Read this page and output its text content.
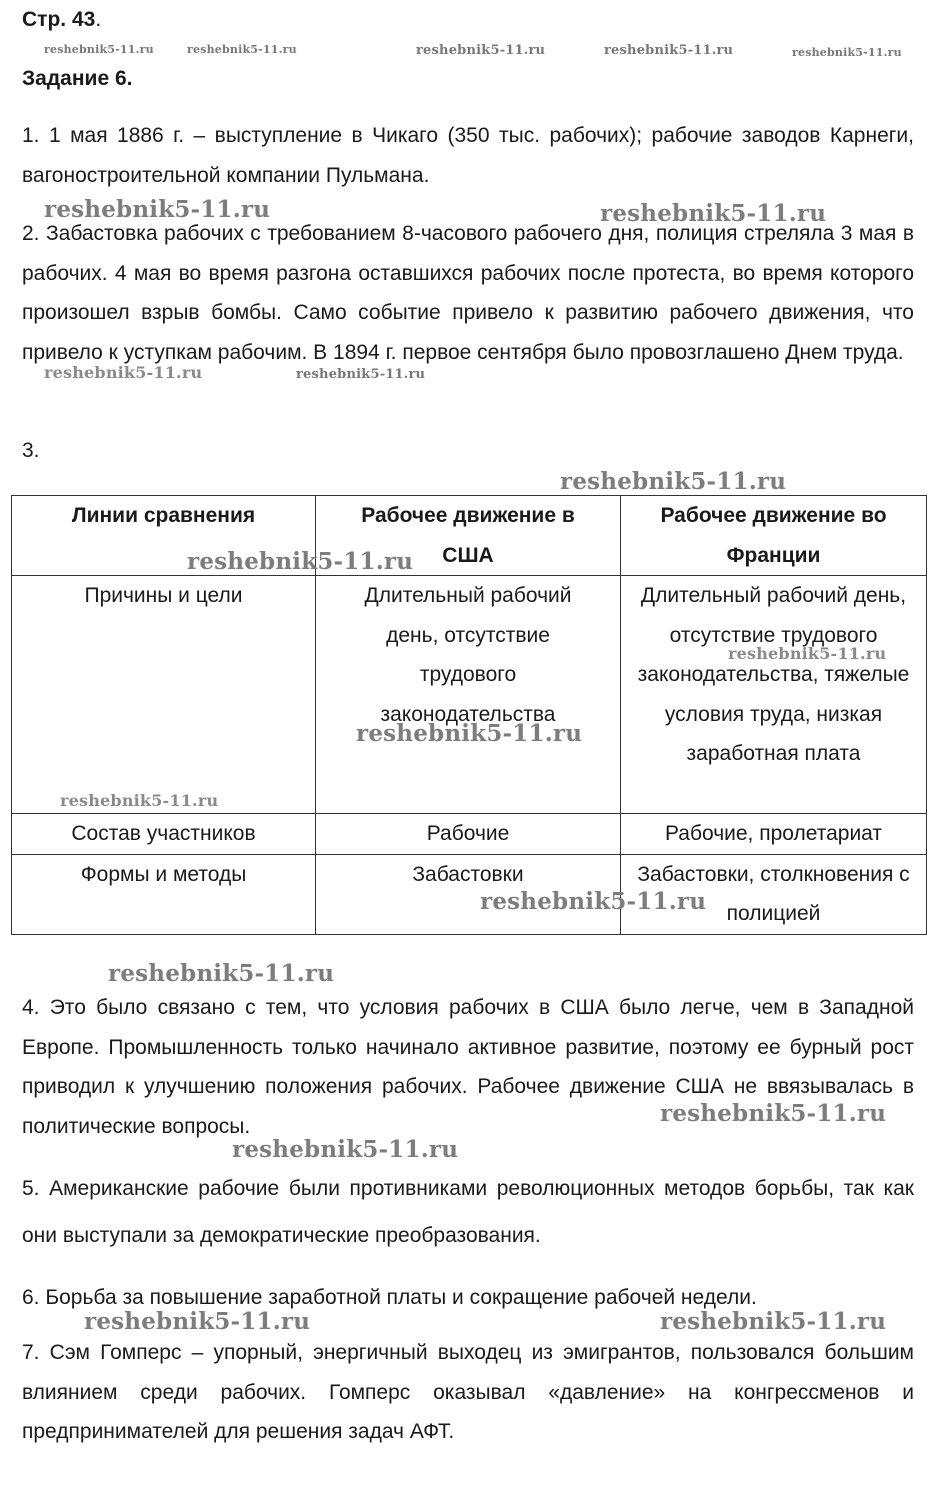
Стр. 43.
Задание 6.

1. 1 мая 1886 г. – выступление в Чикаго (350 тыс. рабочих); рабочие заводов Карнеги, вагоностроительной компании Пульмана.

2. Забастовка рабочих с требованием 8-часового рабочего дня, полиция стреляла 3 мая в рабочих. 4 мая во время разгона оставшихся рабочих после протеста, во время которого произошел взрыв бомбы. Само событие привело к развитию рабочего движения, что привело к уступкам рабочим. В 1894 г. первое сентября было провозглашено Днем труда.

3.

Линии сравнения	Рабочее движение в США	Рабочее движение во Франции
Причины и цели	Длительный рабочий день, отсутствие трудового законодательства	Длительный рабочий день, отсутствие трудового законодательства, тяжелые условия труда, низкая заработная плата
Состав участников	Рабочие	Рабочие, пролетариат
Формы и методы	Забастовки	Забастовки, столкновения с полицией

4. Это было связано с тем, что условия рабочих в США было легче, чем в Западной Европе. Промышленность только начинало активное развитие, поэтому ее бурный рост приводил к улучшению положения рабочих. Рабочее движение США не ввязывалась в политические вопросы.

5. Американские рабочие были противниками революционных методов борьбы, так как они выступали за демократические преобразования.

6. Борьба за повышение заработной платы и сокращение рабочей недели.

7. Сэм Гомперс – упорный, энергичный выходец из эмигрантов, пользовался большим влиянием среди рабочих. Гомперс оказывал «давление» на конгрессменов и предпринимателей для решения задач АФТ.

reshebnik5-11.ru	reshebnik5-11.ru	reshebnik5-11.ru	reshebnik5-11.ru	reshebnik5-11.ru
reshebnik5-11.ru	reshebnik5-11.ru
reshebnik5-11.ru	reshebnik5-11.ru
reshebnik5-11.ru
reshebnik5-11.ru
reshebnik5-11.ru
reshebnik5-11.ru
reshebnik5-11.ru
reshebnik5-11.ru
reshebnik5-11.ru
reshebnik5-11.ru
reshebnik5-11.ru
reshebnik5-11.ru	reshebnik5-11.ru
